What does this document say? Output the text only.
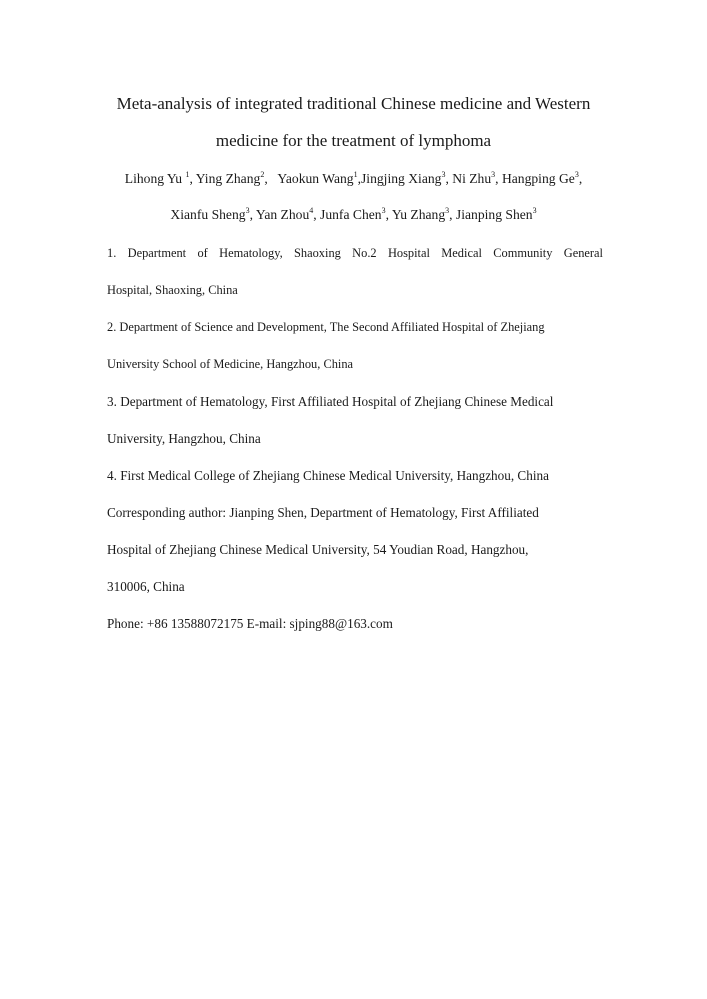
Meta-analysis of integrated traditional Chinese medicine and Western
medicine for the treatment of lymphoma
Lihong Yu $^1$, Ying Zhang$^2$,   Yaokun Wang$^1$,Jingjing Xiang$^3$, Ni Zhu$^3$, Hangping Ge$^3$,
Xianfu Sheng$^3$, Yan Zhou$^4$, Junfa Chen$^3$, Yu Zhang$^3$, Jianping Shen$^3$
1. Department of Hematology, Shaoxing No.2 Hospital Medical Community General
Hospital, Shaoxing, China
2. Department of Science and Development, The Second Affiliated Hospital of Zhejiang
University School of Medicine, Hangzhou, China
3. Department of Hematology, First Affiliated Hospital of Zhejiang Chinese Medical
University, Hangzhou, China
4. First Medical College of Zhejiang Chinese Medical University, Hangzhou, China
Corresponding author: Jianping Shen, Department of Hematology, First Affiliated
Hospital of Zhejiang Chinese Medical University, 54 Youdian Road, Hangzhou,
310006, China
Phone: +86 13588072175 E-mail: sjping88@163.com
